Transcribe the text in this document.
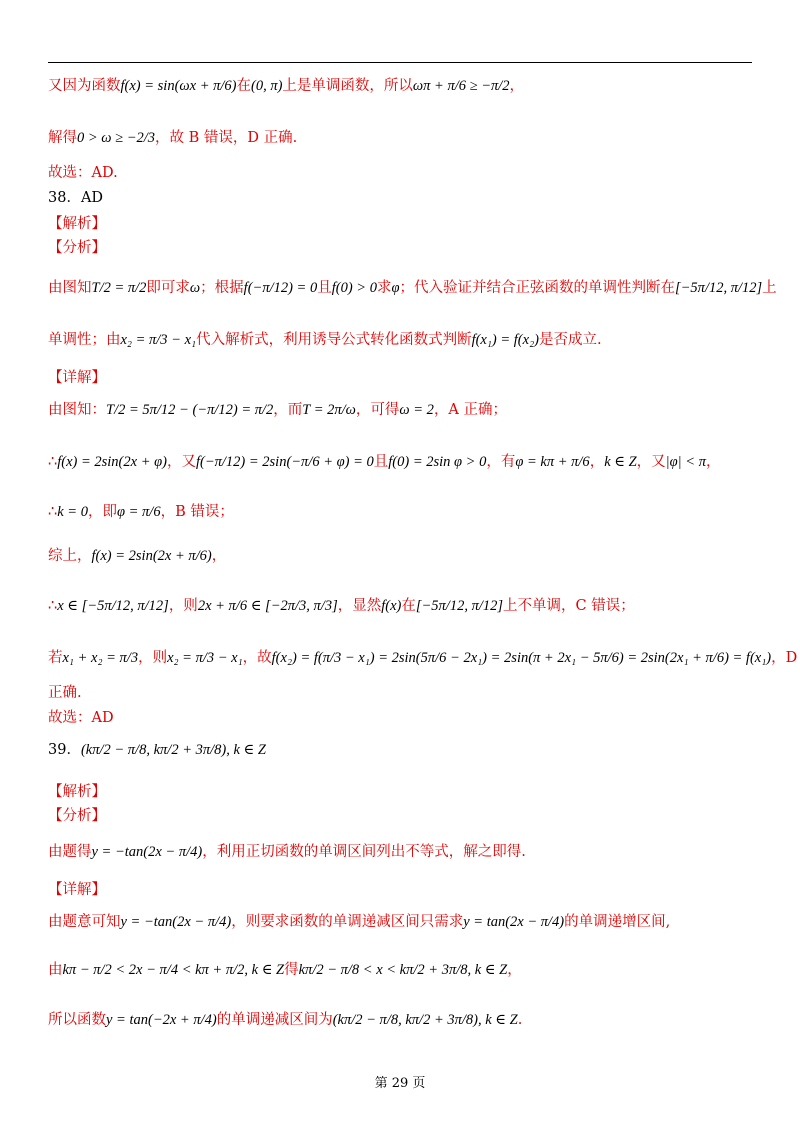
又因为函数f(x) = sin(ωx + π/6)在(0, π)上是单调函数，所以ωπ + π/6 ≥ −π/2，
解得0 > ω ≥ −2/3，故 B 错误，D 正确.
故选：AD.
38．AD
【解析】
【分析】
由图知T/2 = π/2即可求ω；根据f(−π/12) = 0且f(0) > 0求φ；代入验证并结合正弦函数的单调性判断在[−5π/12, π/12]上
单调性；由x₂ = π/3 − x₁代入解析式，利用诱导公式转化函数式判断f(x₁) = f(x₂)是否成立.
【详解】
由图知：T/2 = 5π/12 − (−π/12) = π/2，而T = 2π/ω，可得ω = 2，A 正确；
∴f(x) = 2sin(2x + φ)，又f(−π/12) = 2sin(−π/6 + φ) = 0且f(0) = 2sin φ > 0，有φ = kπ + π/6，k ∈ Z，又|φ| < π，
∴k = 0，即φ = π/6，B 错误；
综上，f(x) = 2sin(2x + π/6)，
∴x ∈ [−5π/12, π/12]，则2x + π/6 ∈ [−2π/3, π/3]，显然f(x)在[−5π/12, π/12]上不单调，C 错误；
若x₁ + x₂ = π/3，则x₂ = π/3 − x₁，故f(x₂) = f(π/3 − x₁) = 2sin(5π/6 − 2x₁) = 2sin(π + 2x₁ − 5π/6) = 2sin(2x₁ + π/6) = f(x₁)，D
正确.
故选：AD
39．(kπ/2 − π/8, kπ/2 + 3π/8), k ∈ Z
【解析】
【分析】
由题得y = −tan(2x − π/4)，利用正切函数的单调区间列出不等式，解之即得.
【详解】
由题意可知y = −tan(2x − π/4)，则要求函数的单调递减区间只需求y = tan(2x − π/4)的单调递增区间,
由kπ − π/2 < 2x − π/4 < kπ + π/2, k ∈ Z得kπ/2 − π/8 < x < kπ/2 + 3π/8, k ∈ Z，
所以函数y = tan(−2x + π/4)的单调递减区间为(kπ/2 − π/8, kπ/2 + 3π/8), k ∈ Z.
第 29 页
